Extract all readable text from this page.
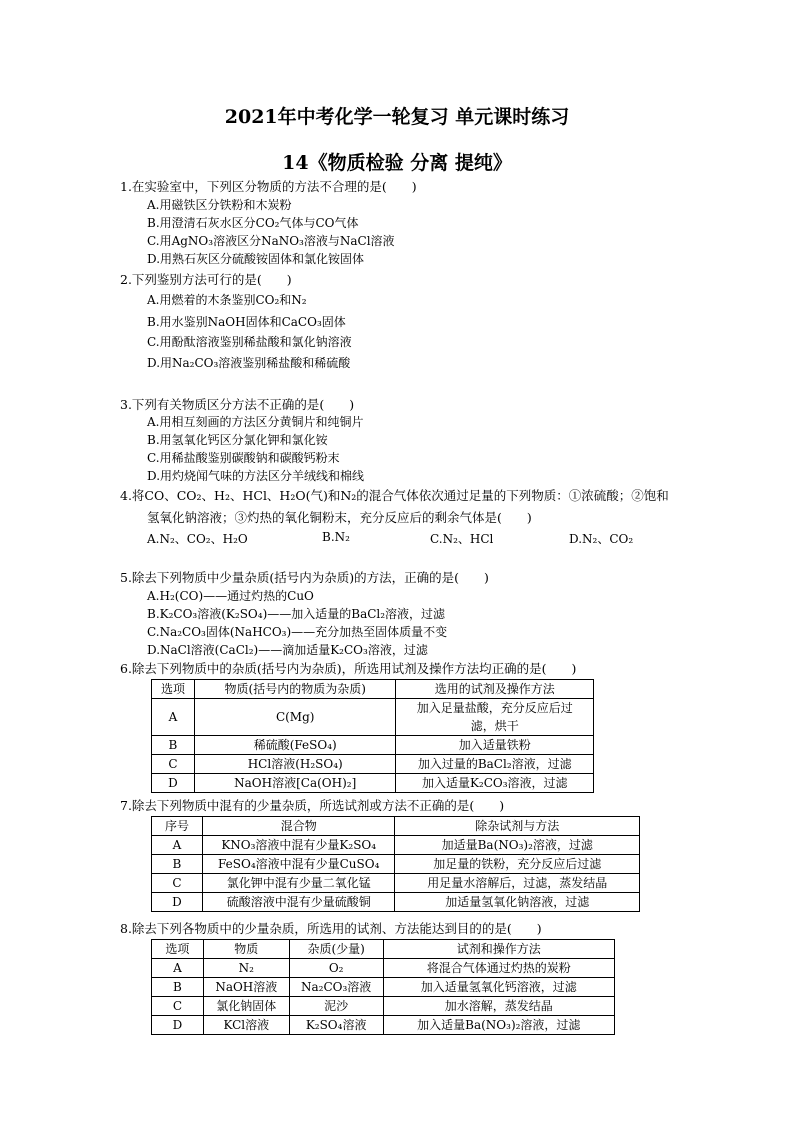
2021年中考化学一轮复习 单元课时练习
14《物质检验 分离 提纯》
1.在实验室中，下列区分物质的方法不合理的是(　　)
A.用磁铁区分铁粉和木炭粉
B.用澄清石灰水区分CO₂气体与CO气体
C.用AgNO₃溶液区分NaNO₃溶液与NaCl溶液
D.用熟石灰区分硫酸铵固体和氯化铵固体
2.下列鉴别方法可行的是(　　)
A.用燃着的木条鉴别CO₂和N₂
B.用水鉴别NaOH固体和CaCO₃固体
C.用酚酞溶液鉴别稀盐酸和氯化钠溶液
D.用Na₂CO₃溶液鉴别稀盐酸和稀硫酸
3.下列有关物质区分方法不正确的是(　　)
A.用相互刻画的方法区分黄铜片和纯铜片
B.用氢氧化钙区分氯化钾和氯化铵
C.用稀盐酸鉴别碳酸钠和碳酸钙粉末
D.用灼烧闻气味的方法区分羊绒线和棉线
4.将CO、CO₂、H₂、HCl、H₂O(气)和N₂的混合气体依次通过足量的下列物质：①浓硫酸；②饱和
氢氧化钠溶液；③灼热的氧化铜粉末，充分反应后的剩余气体是(　　)
A.N₂、CO₂、H₂O	B.N₂	C.N₂、HCl	D.N₂、CO₂
5.除去下列物质中少量杂质(括号内为杂质)的方法，正确的是(　　)
A.H₂(CO)——通过灼热的CuO
B.K₂CO₃溶液(K₂SO₄)——加入适量的BaCl₂溶液，过滤
C.Na₂CO₃固体(NaHCO₃)——充分加热至固体质量不变
D.NaCl溶液(CaCl₂)——滴加适量K₂CO₃溶液，过滤
6.除去下列物质中的杂质(括号内为杂质)，所选用试剂及操作方法均正确的是(　　)
选项	物质(括号内的物质为杂质)	选用的试剂及操作方法
A	C(Mg)	加入足量盐酸，充分反应后过
滤，烘干

B	稀硫酸(FeSO₄)	加入适量铁粉
C	HCl溶液(H₂SO₄)	加入过量的BaCl₂溶液，过滤
D	NaOH溶液[Ca(OH)₂]	加入适量K₂CO₃溶液，过滤
7.除去下列物质中混有的少量杂质，所选试剂或方法不正确的是(　　)
序号	混合物	除杂试剂与方法
A	KNO₃溶液中混有少量K₂SO₄	加适量Ba(NO₃)₂溶液，过滤
B	FeSO₄溶液中混有少量CuSO₄	加足量的铁粉，充分反应后过滤
C	氯化钾中混有少量二氧化锰	用足量水溶解后，过滤，蒸发结晶
D	硫酸溶液中混有少量硫酸铜	加适量氢氧化钠溶液，过滤
8.除去下列各物质中的少量杂质，所选用的试剂、方法能达到目的的是(　　)
选项	物质	杂质(少量)	试剂和操作方法
A	N₂	O₂	将混合气体通过灼热的炭粉
B	NaOH溶液	Na₂CO₃溶液	加入适量氢氧化钙溶液，过滤
C	氯化钠固体	泥沙	加水溶解，蒸发结晶
D	KCl溶液	K₂SO₄溶液	加入适量Ba(NO₃)₂溶液，过滤
